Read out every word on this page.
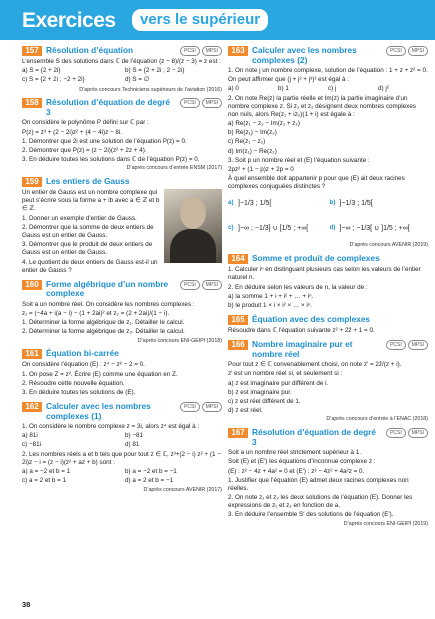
Exercices	vers le supérieur
157 Résolution d’équation	PCSI	MPSI
L’ensemble S des solutions dans ℂ de l’équation (z − 8)/(z − 3) = z est :
a) S = {2 + 2i}	b) S = {2 + 2i ; 2 − 2i}
c) S = {2 + 2i ; −2 + 2i}	d) S = ∅
D’après concours Techniciens supérieurs de l’aviation (2016)
158 Résolution d’équation de degré 3
PCSI	MPSI
On considère le polynôme P défini sur ℂ par :
P(z) = z³ + (2 − 2i)z² + (4 − 4i)z − 8i.
1. Démontrer que 2i est une solution de l’équation P(z) = 0.
2. Démontrer que P(z) = (z − 2i)(z² + 2z + 4).
3. En déduire toutes les solutions dans ℂ de l’équation P(z) = 0.
D’après concours d’entrée ENSM (2017)
159 Les entiers de Gauss
Un entier de Gauss est un nombre complexe qui peut s’écrire sous la forme a + ib avec a ∈ ℤ et b ∈ ℤ.
1. Donner un exemple d’entier de Gauss.
2. Démontrer que la somme de deux entiers de Gauss est un entier de Gauss.
3. Démontrer que le produit de deux entiers de Gauss est un entier de Gauss.
4. Le quotient de deux entiers de Gauss est-il un entier de Gauss ?
160 Forme algébrique d’un nombre complexe
PCSI	MPSI
Soit a un nombre réel. On considère les nombres complexes :
z₁ = (−4a + i(a − i) − (1 + 2ai)² et z₂ = (2 + 2ai)/(1 − i).
1. Déterminer la forme algébrique de z₁. Détailler le calcul.
2. Déterminer la forme algébrique de z₂. Détailler le calcul.
D’après concours ENI-GEIPI (2018)
161 Équation bi-carrée
On considère l’équation (E) : z⁴ − z² − 2 = 0.
1. On pose Z = z². Écrire (E) comme une équation en Z.
2. Résoudre cette nouvelle équation.
3. En déduire toutes les solutions de (E).
162 Calculer avec les nombres complexes (1)
PCSI	MPSI
1. On considère le nombre complexe z = 3i, alors z⁴ est égal à :
a) 81i	b) −81
c) −81i	d) 81
2. Les nombres réels a et b tels que pour tout z ∈ ℂ, z³+(2 − i) z² + (1 − 2i)z − i = (z − i)(z² + az + b) sont :
a) a = −2 et b = 1	b) a = −2 et b = −1
c) a = 2 et b = 1	d) a = 2 et b = −1
D’après concours AVENIR (2017)
163 Calculer avec les nombres complexes (2)
PCSI	MPSI
1. On note j un nombre complexe, solution de l’équation : 1 + z + z² = 0.
On peut affirmer que (j + j² + j³)³ est égal à :
a) 0	b) 1	c) j	d) j²
2. On note Re(z) la partie réelle et Im(z) la partie imaginaire d’un nombre complexe z. Si z₁ et z₂ désignent deux nombres complexes non nuls, alors Re(z₁ + iz₂)(1 + i) est égale à :
a) Re(z₁ − z₂ − Im(z₁ + z₂)
b) Re(z₁) − Im(z₂)
c) Re(z₁ − z₂)
d) Im(z₁) − Re(z₂)
3. Soit p un nombre réel et (E) l’équation suivante :
2pz² + (1 − p)z + 2p = 0
À quel ensemble doit appartenir p pour que (E) ait deux racines complexes conjuguées distinctes ?
a) ]−1/3 ; 1/5[	b) ]−1/3 ; 1/5[
c) ]−∞ ; −1/3] ∪ [1/5 ; +∞[	d) ]−∞ ; −1/3[ ∪ ]1/5 ; +∞[
D’après concours AVENIR (2019)
164 Somme et produit de complexes
1. Calculer iⁿ en distinguant plusieurs cas selon les valeurs de l’entier naturel n.
2. En déduire selon les valeurs de n, la valeur de :
a) la somme 1 + i + i² + … + iⁿ.
b) le produit 1 × i × i² × … × iⁿ.
165 Équation avec des complexes
Résoudre dans ℂ l’équation suivante z² + 2z̄ + 1 = 0.
166 Nombre imaginaire pur et nombre réel
PCSI	MPSI
Pour tout z ∈ ℂ convenablement choisi, on note z′ = 2z̄/(z + i).
z′ est un nombre réel si, et seulement si :
a) z est imaginaire pur différent de i.
b) z est imaginaire pur.
c) z est réel différent de 1.
d) z est réel.
D’après concours d’entrée à l’ENAC (2018)
167 Résolution d’équation de degré 3
PCSI	MPSI
Soit a un nombre réel strictement supérieur à 1.
Soit (E) et (E′) les équations d’inconnue complexe z :
(E) : z² − 4z + 4a² = 0 et (E′) : z³ − 4z² + 4a²z = 0.
1. Justifier que l’équation (E) admet deux racines complexes non réelles.
2. On note z₁ et z₂ les deux solutions de l’équation (E). Donner les expressions de z₁ et z₂ en fonction de a.
3. En déduire l’ensemble S′ des solutions de l’équation (E′).
D’après concours ENI-GEIPI (2019)
38
